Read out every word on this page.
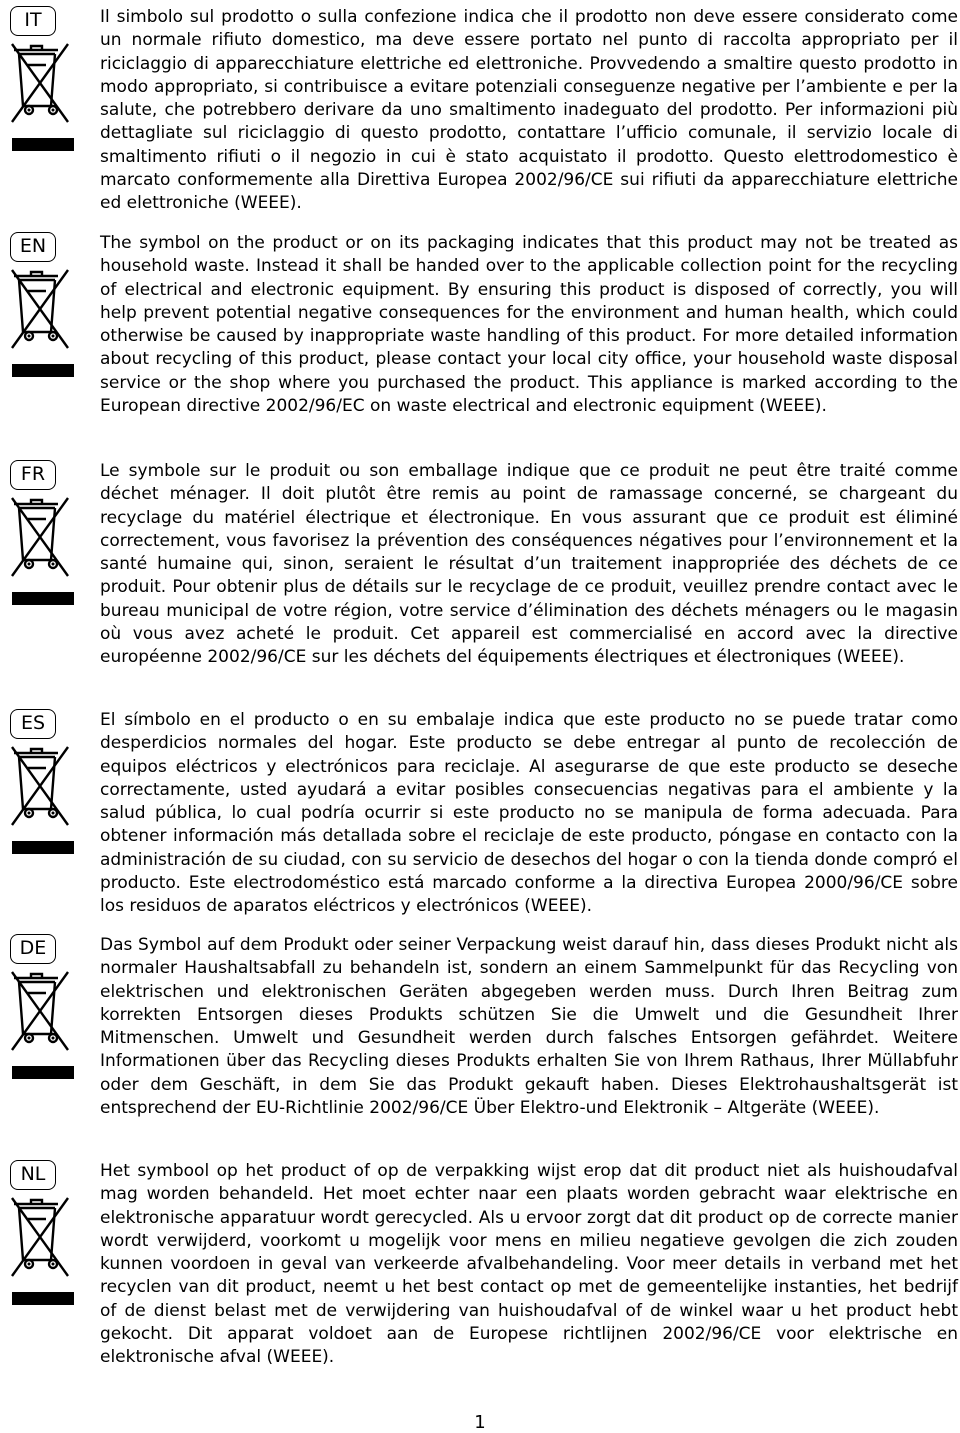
IT	Il simbolo sul prodotto o sulla confezione indica che il prodotto non deve essere considerato come un normale rifiuto domestico, ma deve essere portato nel punto di raccolta appropriato per il riciclaggio di apparecchiature elettriche ed elettroniche. Provvedendo a smaltire questo prodotto in modo appropriato, si contribuisce a evitare potenziali conseguenze negative per l’ambiente e per la salute, che potrebbero derivare da uno smaltimento inadeguato del prodotto. Per informazioni più dettagliate sul riciclaggio di questo prodotto, contattare l’ufficio comunale, il servizio locale di smaltimento rifiuti o il negozio in cui è stato acquistato il prodotto. Questo elettrodomestico è marcato conformemente alla Direttiva Europea 2002/96/CE sui rifiuti da apparecchiature elettriche ed elettroniche (WEEE).

EN	The symbol on the product or on its packaging indicates that this product may not be treated as household waste. Instead it shall be handed over to the applicable collection point for the recycling of electrical and electronic equipment. By ensuring this product is disposed of correctly, you will help prevent potential negative consequences for the environment and human health, which could otherwise be caused by inappropriate waste handling of this product. For more detailed information about recycling of this product, please contact your local city office, your household waste disposal service or the shop where you purchased the product. This appliance is marked according to the European directive 2002/96/EC on waste electrical and electronic equipment (WEEE).

FR	Le symbole sur le produit ou son emballage indique que ce produit ne peut être traité comme déchet ménager. Il doit plutôt être remis au point de ramassage concerné, se chargeant du recyclage du matériel électrique et électronique. En vous assurant que ce produit est éliminé correctement, vous favorisez la prévention des conséquences négatives pour l’environnement et la santé humaine qui, sinon, seraient le résultat d’un traitement inappropriée des déchets de ce produit. Pour obtenir plus de détails sur le recyclage de ce produit, veuillez prendre contact avec le bureau municipal de votre région, votre service d’élimination des déchets ménagers ou le magasin où vous avez acheté le produit. Cet appareil est commercialisé en accord avec la directive européenne 2002/96/CE sur les déchets del équipements électriques et électroniques (WEEE).

ES	El símbolo en el producto o en su embalaje indica que este producto no se puede tratar como desperdicios normales del hogar. Este producto se debe entregar al punto de recolección de equipos eléctricos y electrónicos para reciclaje. Al asegurarse de que este producto se deseche correctamente, usted ayudará a evitar posibles consecuencias negativas para el ambiente y la salud pública, lo cual podría ocurrir si este producto no se manipula de forma adecuada. Para obtener información más detallada sobre el reciclaje de este producto, póngase en contacto con la administración de su ciudad, con su servicio de desechos del hogar o con la tienda donde compró el producto. Este electrodoméstico está marcado conforme a la directiva Europea 2000/96/CE sobre los residuos de aparatos eléctricos y electrónicos (WEEE).

DE	Das Symbol auf dem Produkt oder seiner Verpackung weist darauf hin, dass dieses Produkt nicht als normaler Haushaltsabfall zu behandeln ist, sondern an einem Sammelpunkt für das Recycling von elektrischen und elektronischen Geräten abgegeben werden muss. Durch Ihren Beitrag zum korrekten Entsorgen dieses Produkts schützen Sie die Umwelt und die Gesundheit Ihrer Mitmenschen. Umwelt und Gesundheit werden durch falsches Entsorgen gefährdet. Weitere Informationen über das Recycling dieses Produkts erhalten Sie von Ihrem Rathaus, Ihrer Müllabfuhr oder dem Geschäft, in dem Sie das Produkt gekauft haben. Dieses Elektrohaushaltsgerät ist entsprechend der EU-Richtlinie 2002/96/CE Über Elektro-und Elektronik – Altgeräte (WEEE).

NL	Het symbool op het product of op de verpakking wijst erop dat dit product niet als huishoudafval mag worden behandeld. Het moet echter naar een plaats worden gebracht waar elektrische en elektronische apparatuur wordt gerecycled. Als u ervoor zorgt dat dit product op de correcte manier wordt verwijderd, voorkomt u mogelijk voor mens en milieu negatieve gevolgen die zich zouden kunnen voordoen in geval van verkeerde afvalbehandeling. Voor meer details in verband met het recyclen van dit product, neemt u het best contact op met de gemeentelijke instanties, het bedrijf of de dienst belast met de verwijdering van huishoudafval of de winkel waar u het product hebt gekocht. Dit apparat voldoet aan de Europese richtlijnen 2002/96/CE voor elektrische en elektronische afval (WEEE).

1
